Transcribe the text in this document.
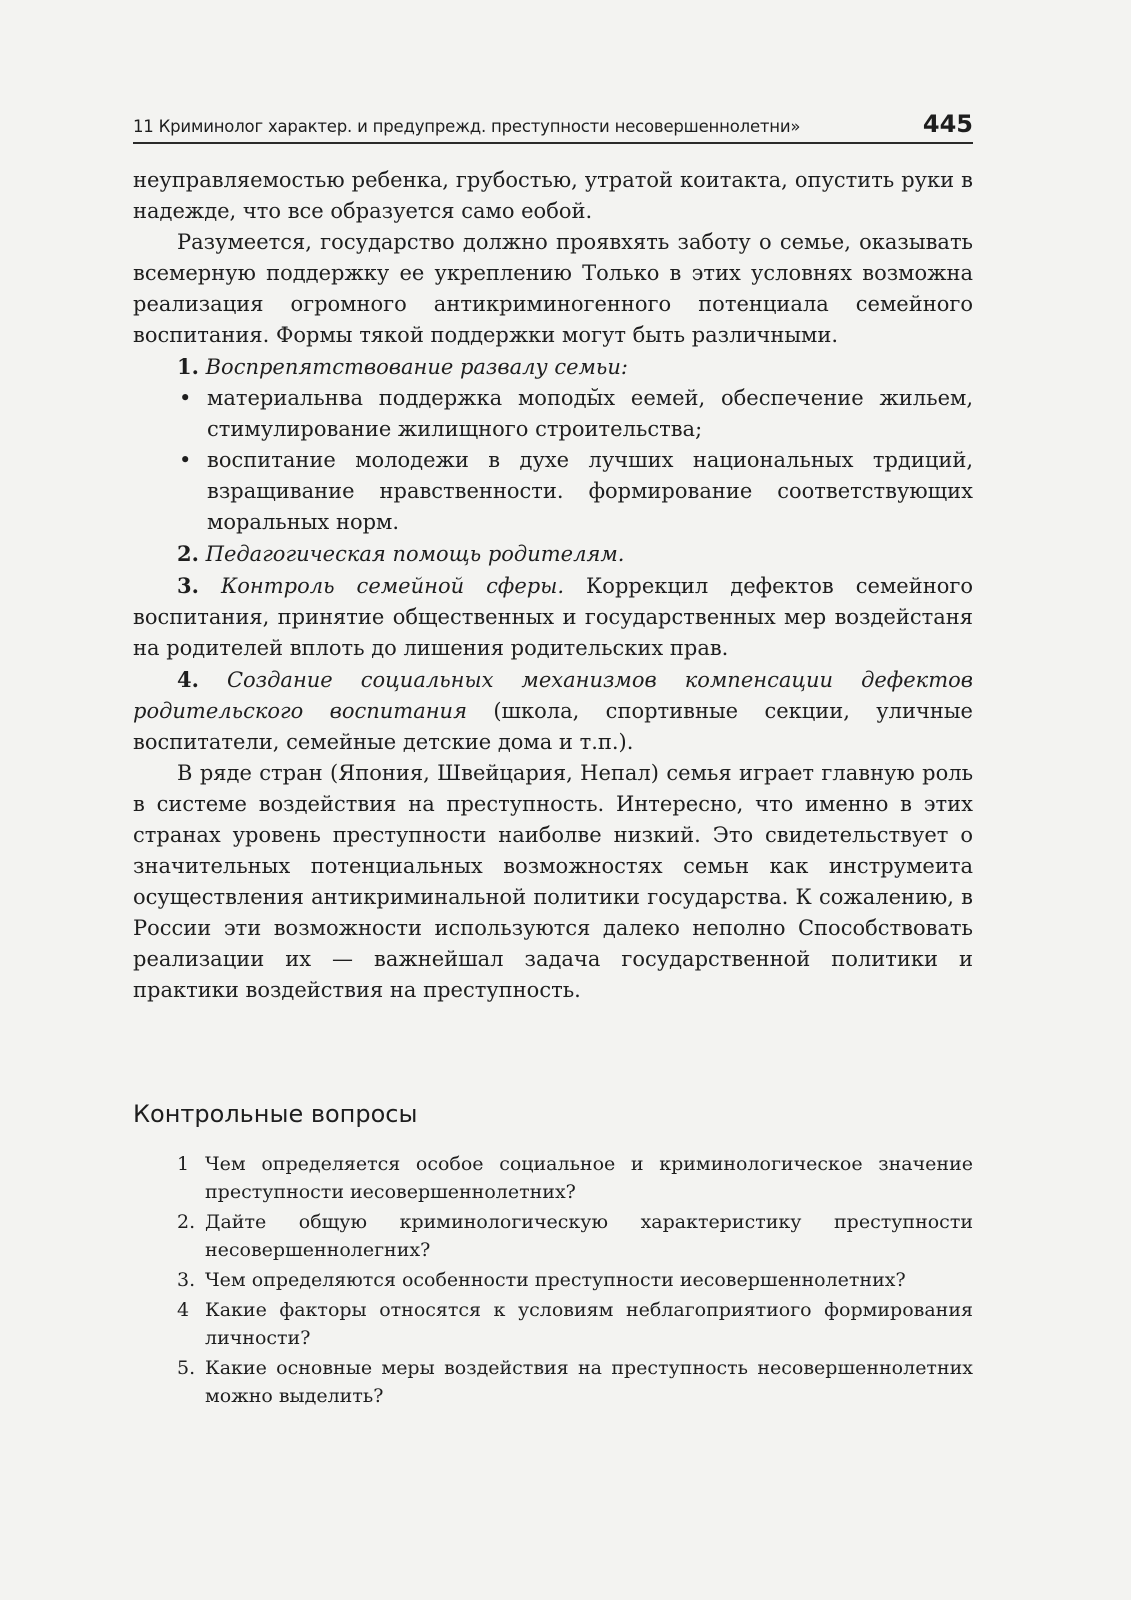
11 Криминолог характер. и предупрежд. преступности несовершеннолетни»	445

неуправляемостью ребенка, грубостью, утратой коитакта, опустить руки в надежде, что все образуется само еобой.

Разумеется, государство должно проявхять заботу о семье, оказывать всемерную поддержку ее укреплению Только в этих условнях возможна реализация огромного антикриминогенного потенциала семейного воспитания. Формы тякой поддержки могут быть различными.

1. Воспрепятствование развалу семьи:

• материальнва поддержка моподы̆х еемей, обеспечение жильем, стимулирование жилищного строительства;
• воспитание молодежи в духе лучших национальных трдиций, взращивание нравственности. формирование соответствующих моральных норм.

2. Педагогическая помощь родителям.

3. Контроль семейной сферы. Коррекцил дефектов семейного воспитания, принятие общественных и государственных мер воздейстаня на родителей вплоть до лишения родительских прав.

4. Создание социальных механизмов компенсации дефектов родительского воспитания (школа, спортивные секции, уличные воспитатели, семейные детские дома и т.п.).

В ряде стран (Япония, Швейцария, Непал) семья играет главную роль в системе воздействия на преступность. Интересно, что именно в этих странах уровень преступности наиболве низкий. Это свидетельствует о значительных потенциальных возможностях семьн как инструмеита осуществления антикриминальной политики государства. К сожалению, в России эти возможности используются далеко неполно Способствовать реализации их — важнейшал задача государственной политики и практики воздействия на преступность.

Контрольные вопросы
1 Чем определяется особое социальное и криминологическое значение преступности иесовершеннолетних?
2. Дайте общую криминологическую характеристику преступности несовершеннолегних?
3. Чем определяются особенности преступности иесовершеннолетних?
4 Какие факторы относятся к условиям неблагоприятиого формирования личности?
5. Какие основные меры воздействия на преступность несовершеннолетних можно выделить?
